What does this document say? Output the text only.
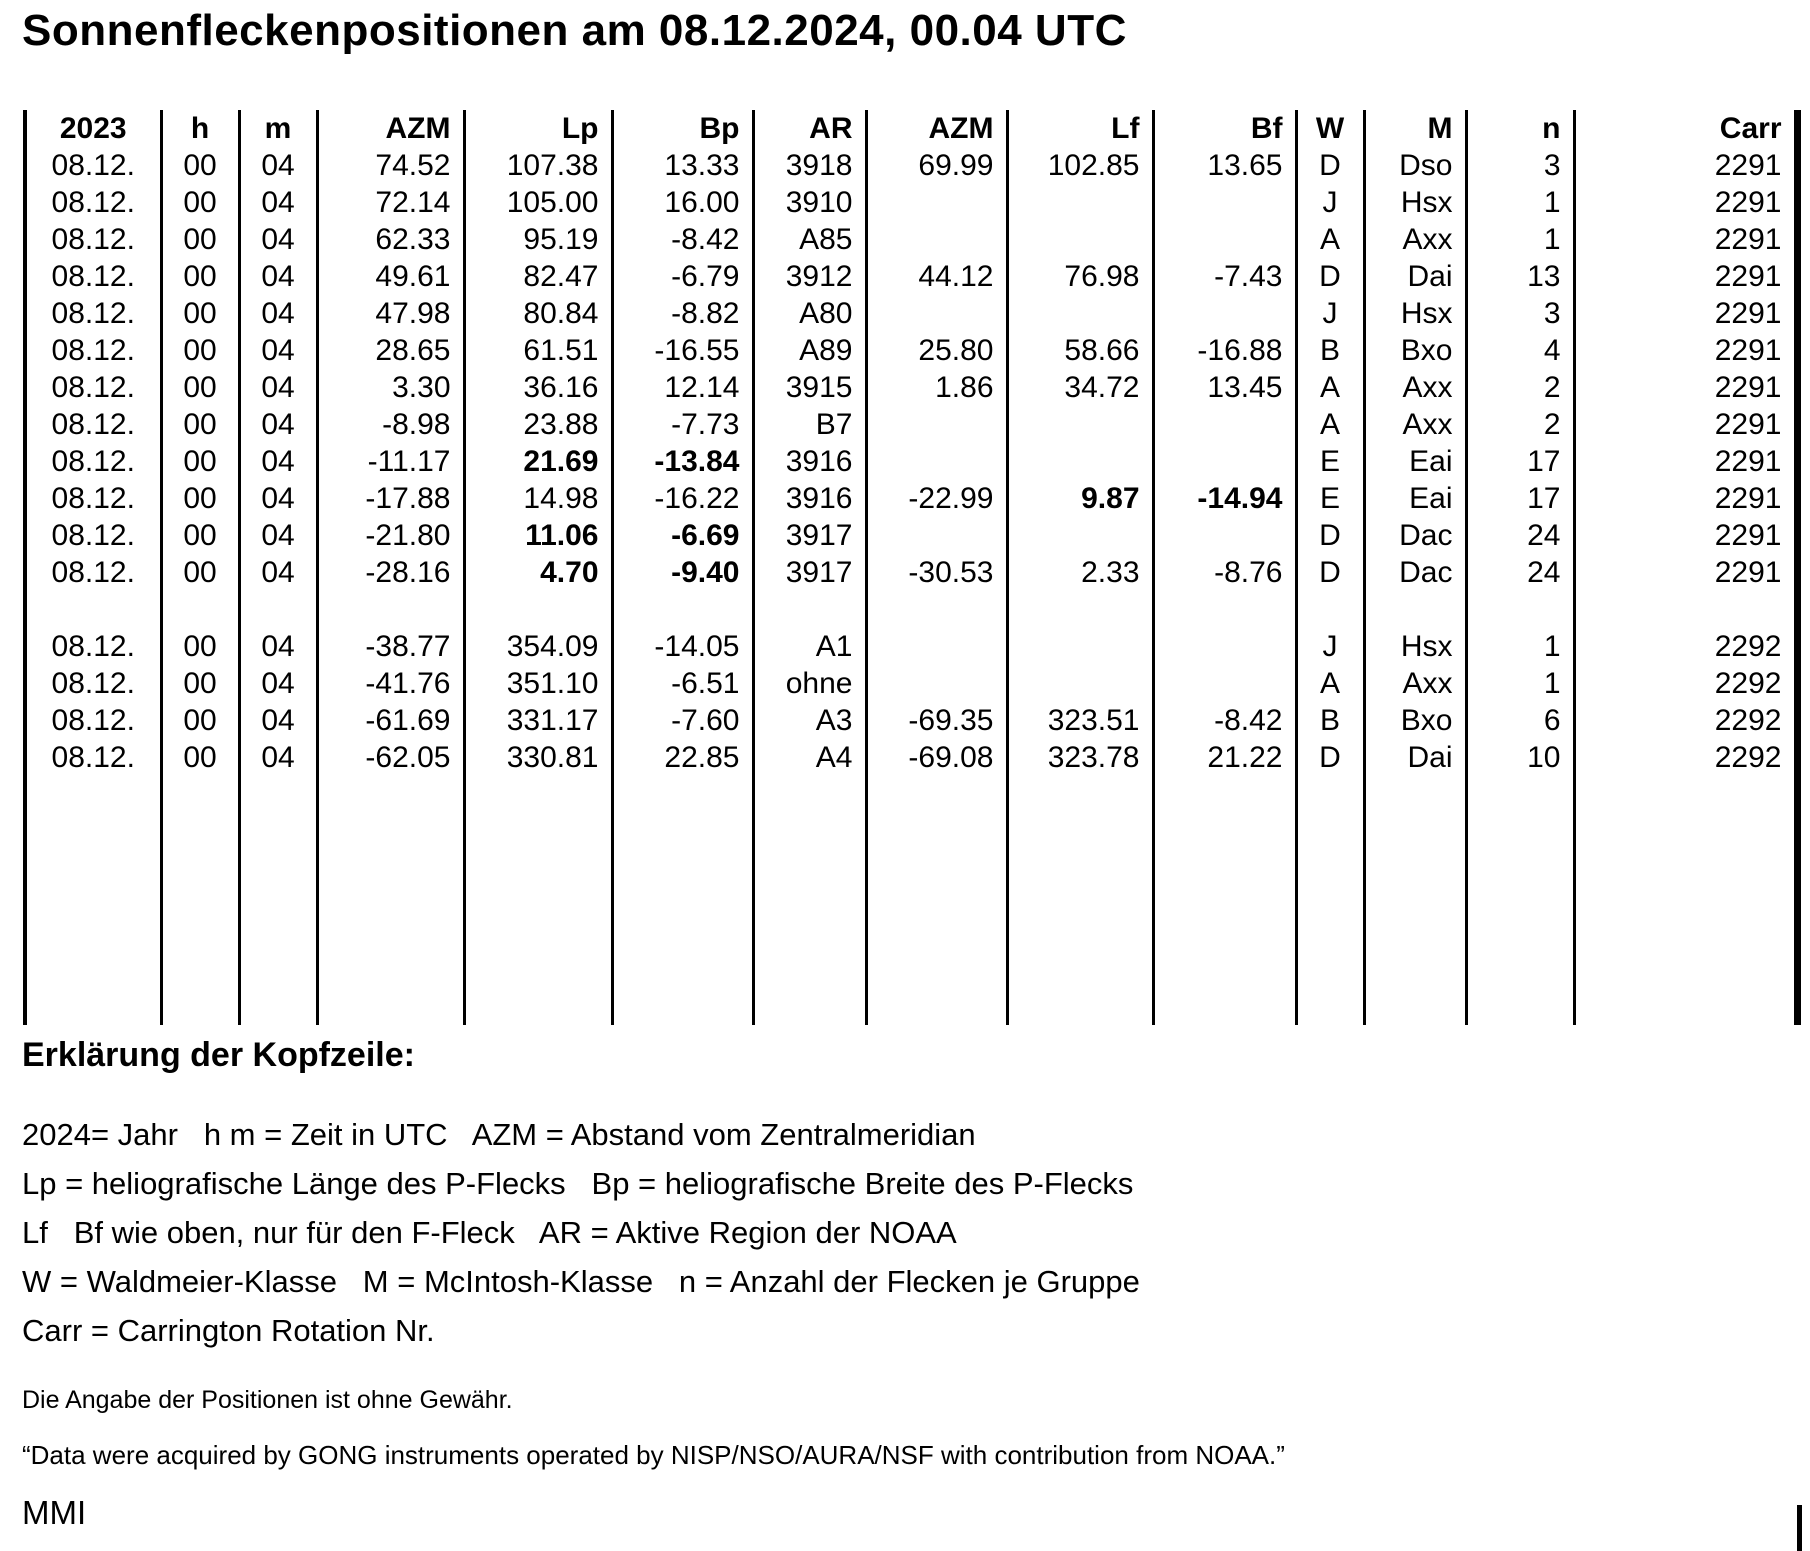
Sonnenfleckenpositionen am 08.12.2024, 00.04 UTC
2023	h	m	AZM	Lp	Bp	AR	AZM	Lf	Bf	W	M	n	Carr
08.12.	00	04	74.52	107.38	13.33	3918	69.99	102.85	13.65	D	Dso	3	2291
08.12.	00	04	72.14	105.00	16.00	3910				J	Hsx	1	2291
08.12.	00	04	62.33	95.19	-8.42	A85				A	Axx	1	2291
08.12.	00	04	49.61	82.47	-6.79	3912	44.12	76.98	-7.43	D	Dai	13	2291
08.12.	00	04	47.98	80.84	-8.82	A80				J	Hsx	3	2291
08.12.	00	04	28.65	61.51	-16.55	A89	25.80	58.66	-16.88	B	Bxo	4	2291
08.12.	00	04	3.30	36.16	12.14	3915	1.86	34.72	13.45	A	Axx	2	2291
08.12.	00	04	-8.98	23.88	-7.73	B7				A	Axx	2	2291
08.12.	00	04	-11.17	21.69	-13.84	3916				E	Eai	17	2291
08.12.	00	04	-17.88	14.98	-16.22	3916	-22.99	9.87	-14.94	E	Eai	17	2291
08.12.	00	04	-21.80	11.06	-6.69	3917				D	Dac	24	2291
08.12.	00	04	-28.16	4.70	-9.40	3917	-30.53	2.33	-8.76	D	Dac	24	2291

08.12.	00	04	-38.77	354.09	-14.05	A1				J	Hsx	1	2292
08.12.	00	04	-41.76	351.10	-6.51	ohne				A	Axx	1	2292
08.12.	00	04	-61.69	331.17	-7.60	A3	-69.35	323.51	-8.42	B	Bxo	6	2292
08.12.	00	04	-62.05	330.81	22.85	A4	-69.08	323.78	21.22	D	Dai	10	2292

Erklärung der Kopfzeile:
2024= Jahr   h m = Zeit in UTC   AZM = Abstand vom Zentralmeridian
Lp = heliografische Länge des P-Flecks   Bp = heliografische Breite des P-Flecks
Lf   Bf wie oben, nur für den F-Fleck   AR = Aktive Region der NOAA
W = Waldmeier-Klasse   M = McIntosh-Klasse   n = Anzahl der Flecken je Gruppe
Carr = Carrington Rotation Nr.
Die Angabe der Positionen ist ohne Gewähr.
“Data were acquired by GONG instruments operated by NISP/NSO/AURA/NSF with contribution from NOAA.”
MMI
